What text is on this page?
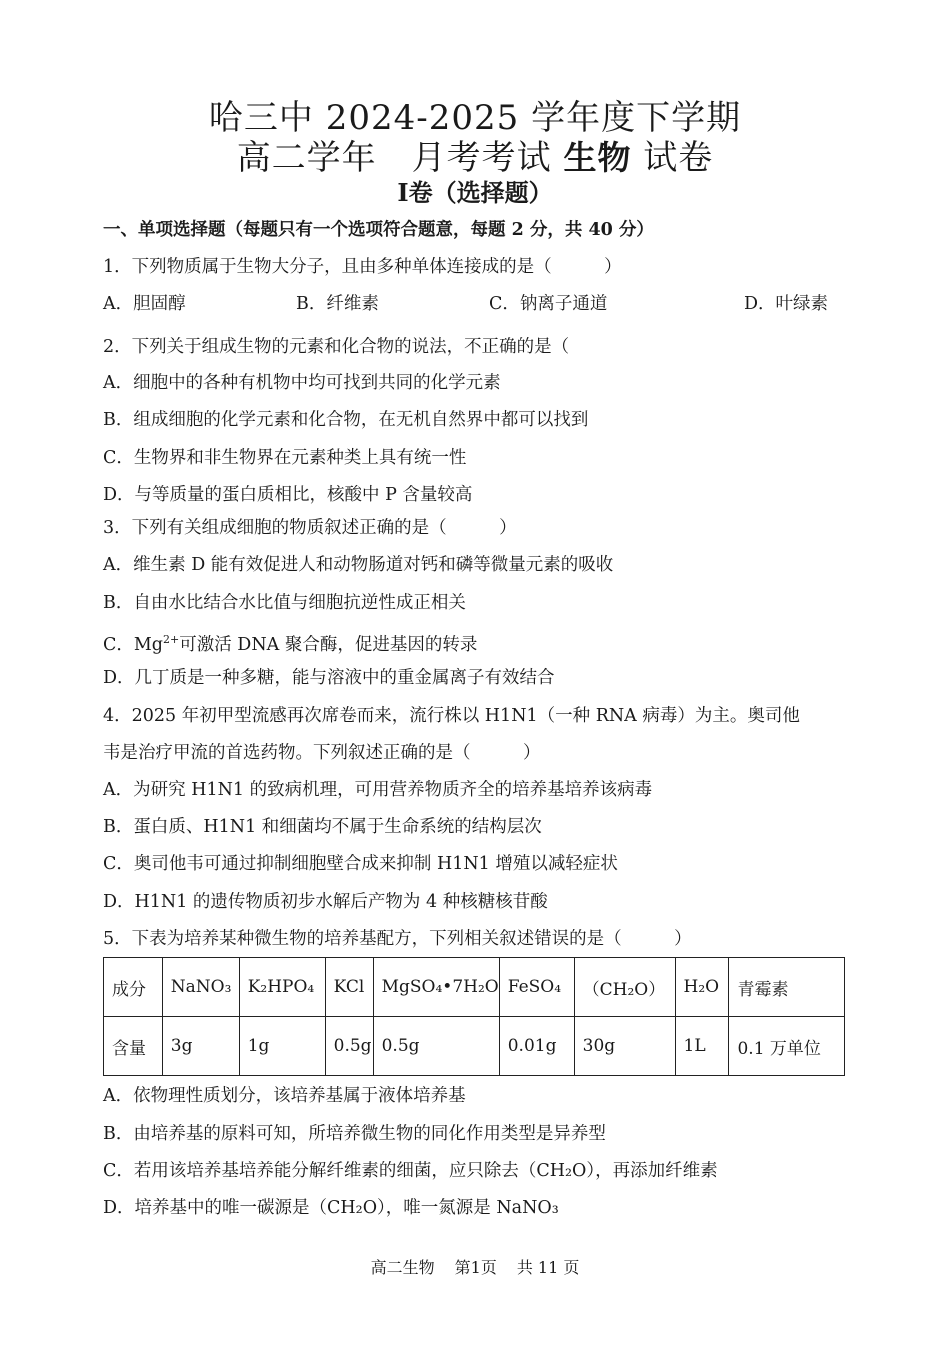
哈三中 2024-2025 学年度下学期
高二学年　月考考试 生物 试卷
I卷（选择题）
一、单项选择题（每题只有一个选项符合题意，每题 2 分，共 40 分）
1．下列物质属于生物大分子，且由多种单体连接成的是（　　　）
A．胆固醇	B．纤维素	C．钠离子通道	D．叶绿素
2．下列关于组成生物的元素和化合物的说法，不正确的是（
A．细胞中的各种有机物中均可找到共同的化学元素
B．组成细胞的化学元素和化合物，在无机自然界中都可以找到
C．生物界和非生物界在元素种类上具有统一性
D．与等质量的蛋白质相比，核酸中 P 含量较高
3．下列有关组成细胞的物质叙述正确的是（　　　）
A．维生素 D 能有效促进人和动物肠道对钙和磷等微量元素的吸收
B．自由水比结合水比值与细胞抗逆性成正相关
C．$Mg^{2+}$可激活 DNA 聚合酶，促进基因的转录
D．几丁质是一种多糖，能与溶液中的重金属离子有效结合
4．2025 年初甲型流感再次席卷而来，流行株以 H1N1（一种 RNA 病毒）为主。奥司他
韦是治疗甲流的首选药物。下列叙述正确的是（　　　）
A．为研究 H1N1 的致病机理，可用营养物质齐全的培养基培养该病毒
B．蛋白质、H1N1 和细菌均不属于生命系统的结构层次
C．奥司他韦可通过抑制细胞壁合成来抑制 H1N1 增殖以减轻症状
D．H1N1 的遗传物质初步水解后产物为 4 种核糖核苷酸
5．下表为培养某种微生物的培养基配方，下列相关叙述错误的是（　　　）
成分	NaNO₃	K₂HPO₄	KCl	MgSO₄•7H₂O	FeSO₄	（CH₂O）	H₂O	青霉素
含量	3g	1g	0.5g	0.5g	0.01g	30g	1L	0.1 万单位
A．依物理性质划分，该培养基属于液体培养基
B．由培养基的原料可知，所培养微生物的同化作用类型是异养型
C．若用该培养基培养能分解纤维素的细菌，应只除去（CH₂O），再添加纤维素
D．培养基中的唯一碳源是（CH₂O），唯一氮源是 NaNO₃
高二生物 第1页 共 11 页
